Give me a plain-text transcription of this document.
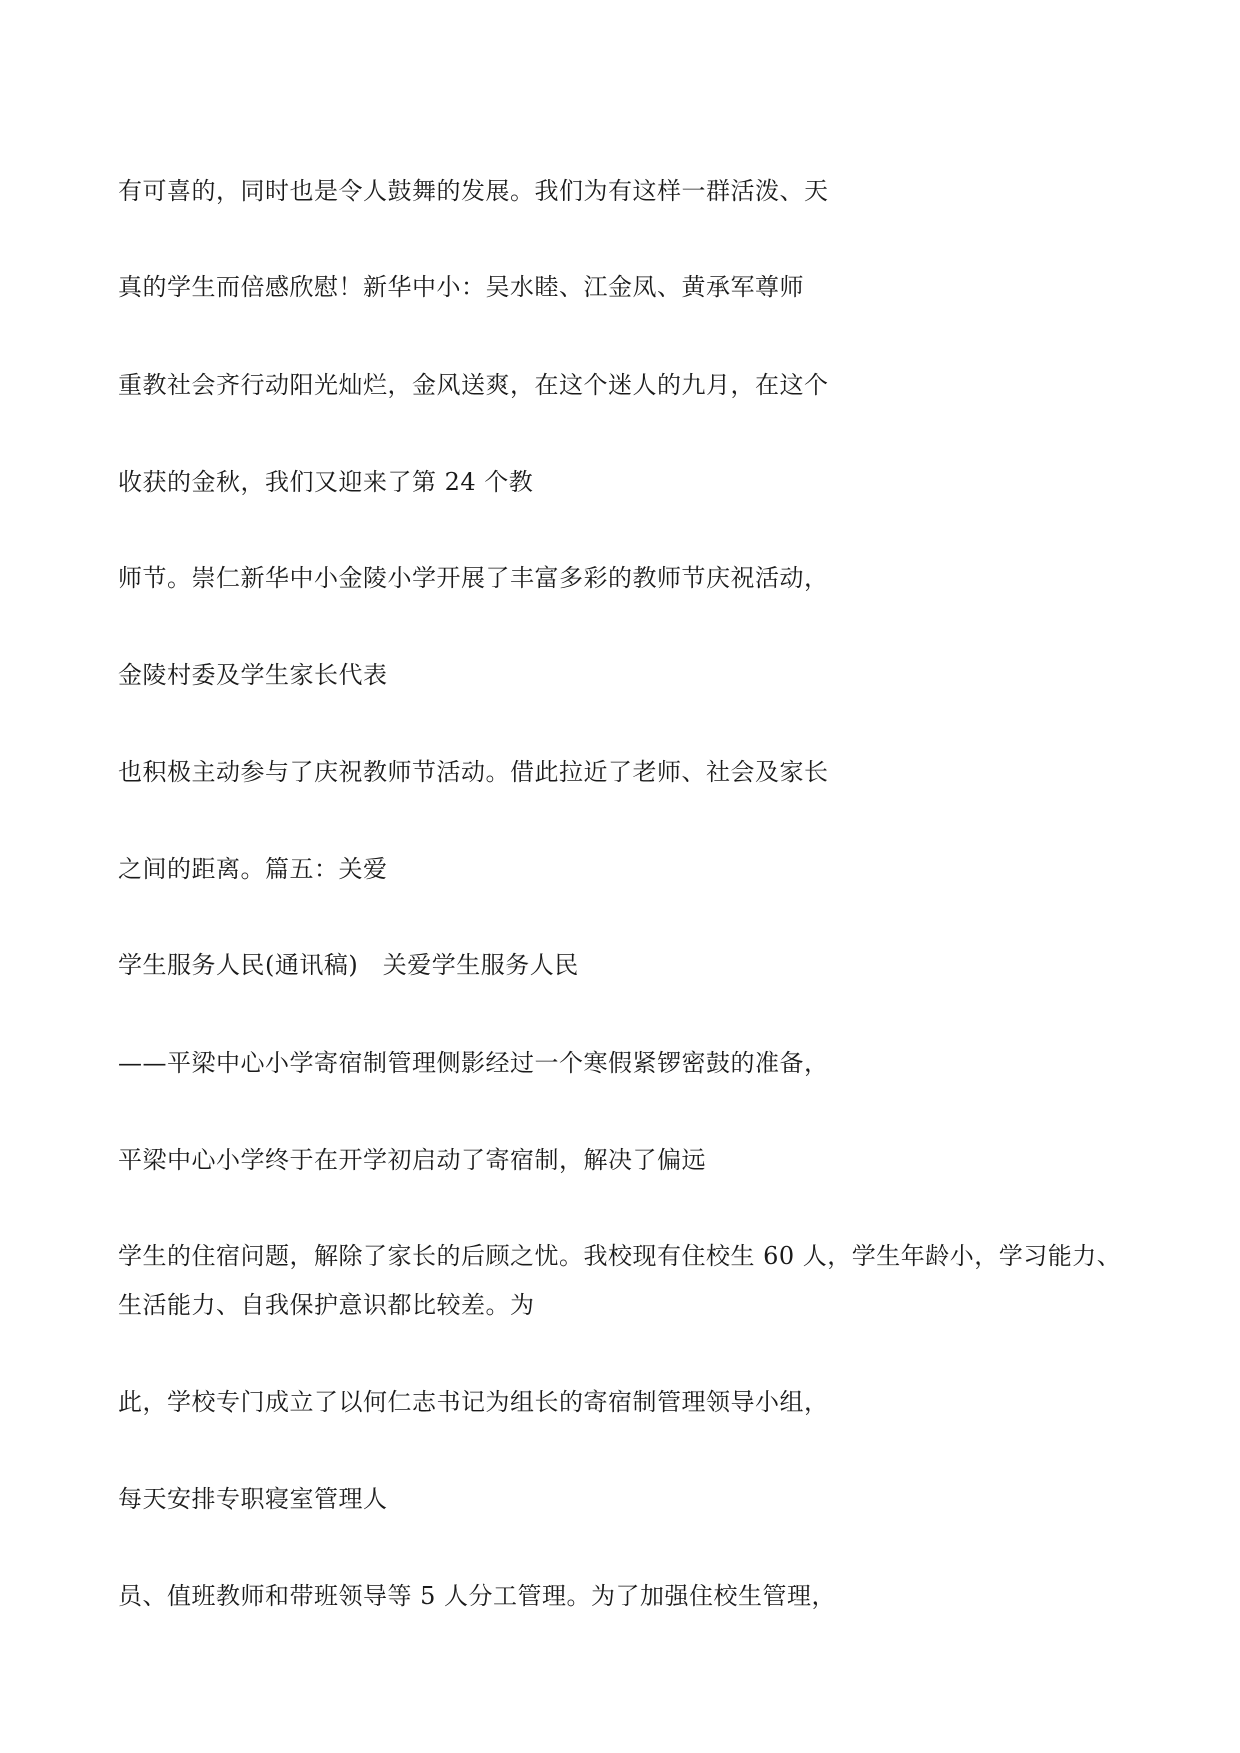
有可喜的，同时也是令人鼓舞的发展。我们为有这样一群活泼、天
真的学生而倍感欣慰！新华中小：吴水睦、江金凤、黄承军尊师
重教社会齐行动阳光灿烂，金风送爽，在这个迷人的九月，在这个
收获的金秋，我们又迎来了第 24 个教
师节。崇仁新华中小金陵小学开展了丰富多彩的教师节庆祝活动，
金陵村委及学生家长代表
也积极主动参与了庆祝教师节活动。借此拉近了老师、社会及家长
之间的距离。篇五：关爱
学生服务人民(通讯稿)　关爱学生服务人民
——平梁中心小学寄宿制管理侧影经过一个寒假紧锣密鼓的准备，
平梁中心小学终于在开学初启动了寄宿制，解决了偏远
学生的住宿问题，解除了家长的后顾之忧。我校现有住校生 60 人，学生年龄小，学习能力、
生活能力、自我保护意识都比较差。为
此，学校专门成立了以何仁志书记为组长的寄宿制管理领导小组，
每天安排专职寝室管理人
员、值班教师和带班领导等 5 人分工管理。为了加强住校生管理，
